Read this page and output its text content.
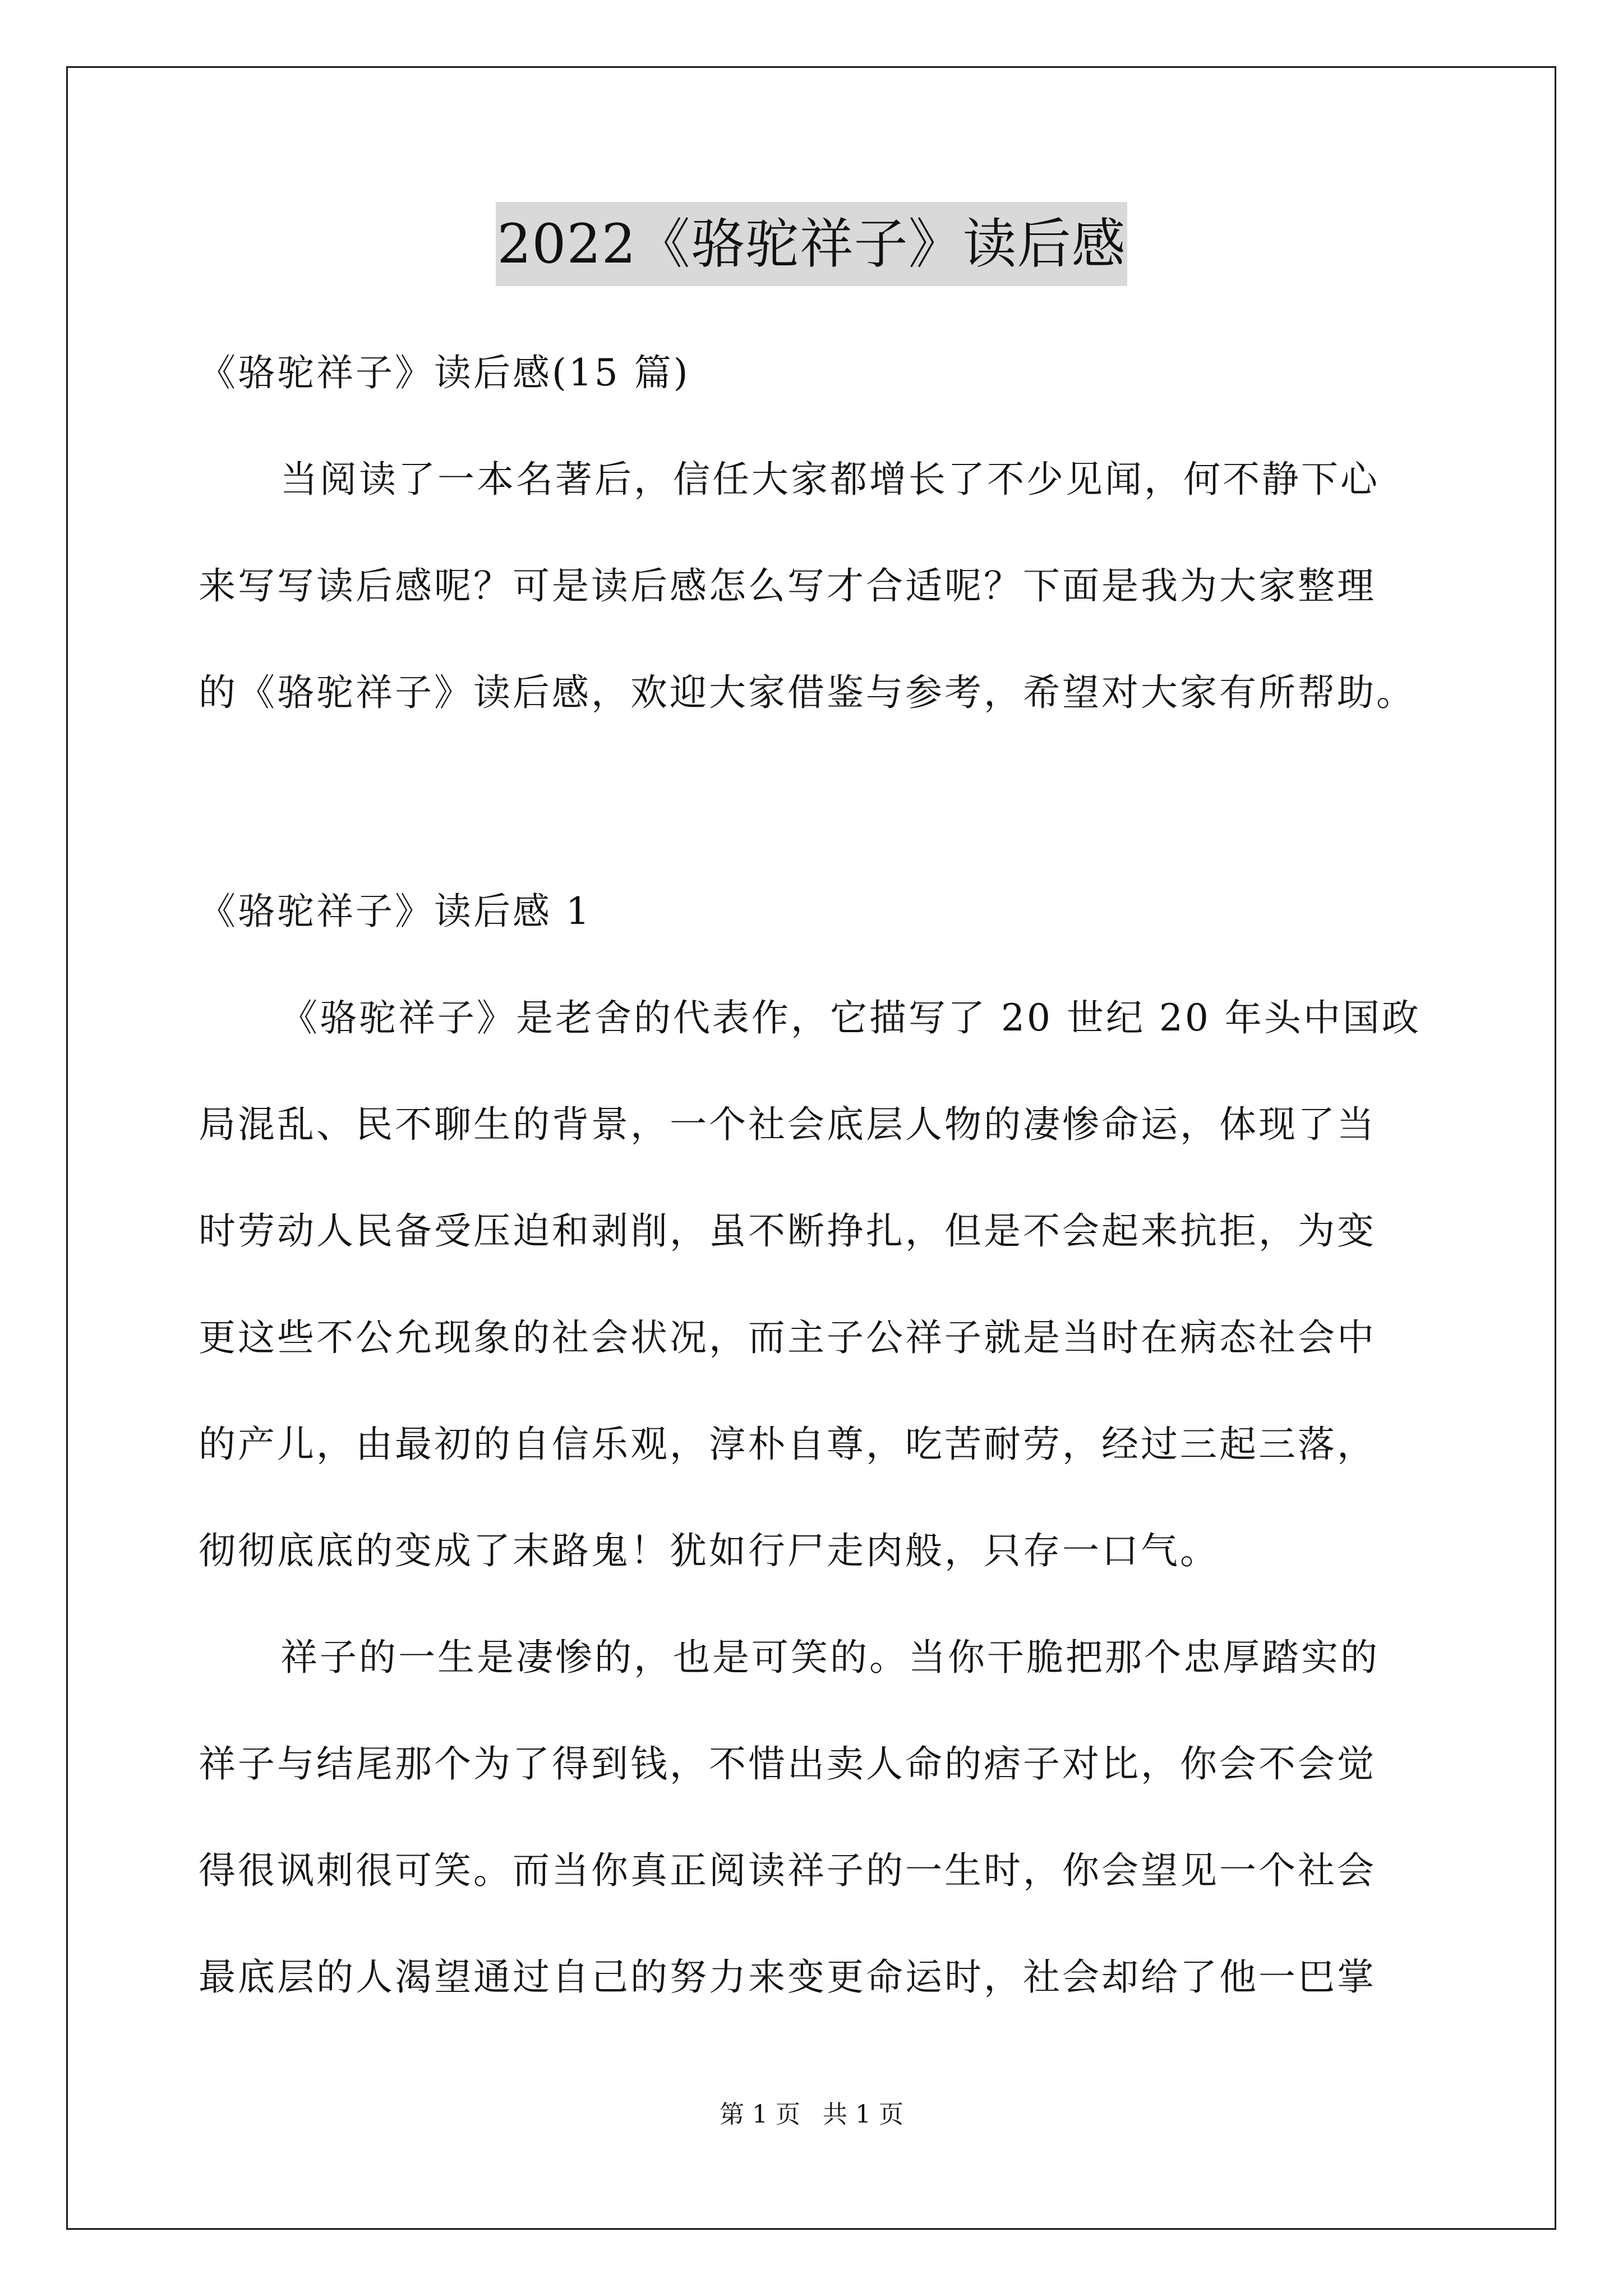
2022《骆驼祥子》读后感
《骆驼祥子》读后感(15 篇)
当阅读了一本名著后，信任大家都增长了不少见闻，何不静下心
来写写读后感呢？可是读后感怎么写才合适呢？下面是我为大家整理
的《骆驼祥子》读后感，欢迎大家借鉴与参考，希望对大家有所帮助。
《骆驼祥子》读后感 1
《骆驼祥子》是老舍的代表作，它描写了 20 世纪 20 年头中国政
局混乱、民不聊生的背景，一个社会底层人物的凄惨命运，体现了当
时劳动人民备受压迫和剥削，虽不断挣扎，但是不会起来抗拒，为变
更这些不公允现象的社会状况，而主子公祥子就是当时在病态社会中
的产儿，由最初的自信乐观，淳朴自尊，吃苦耐劳，经过三起三落，
彻彻底底的变成了末路鬼！犹如行尸走肉般，只存一口气。
祥子的一生是凄惨的，也是可笑的。当你干脆把那个忠厚踏实的
祥子与结尾那个为了得到钱，不惜出卖人命的痞子对比，你会不会觉
得很讽刺很可笑。而当你真正阅读祥子的一生时，你会望见一个社会
最底层的人渴望通过自己的努力来变更命运时，社会却给了他一巴掌
第 1 页 共 1 页
